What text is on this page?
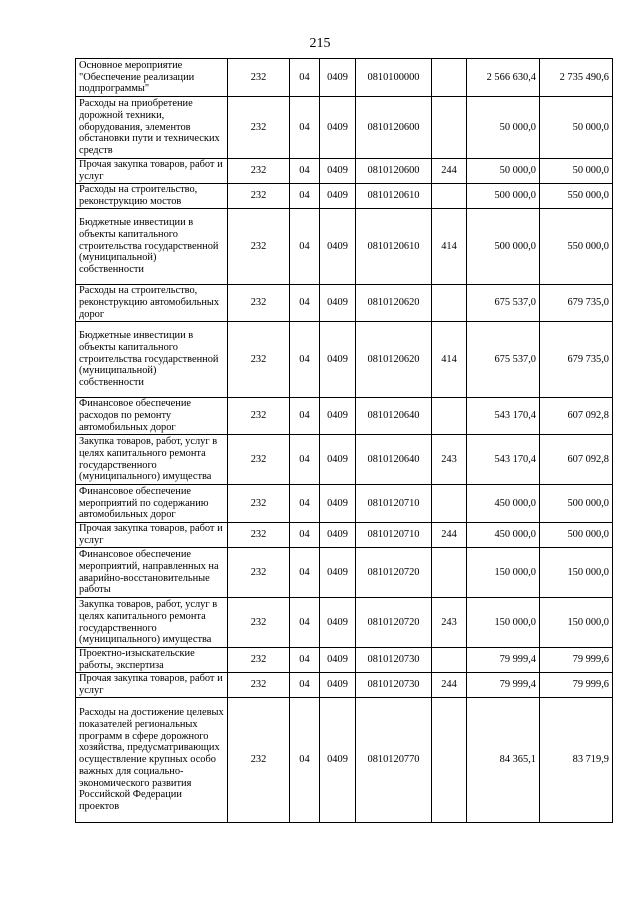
215
Основное мероприятие "Обеспечение реализации подпрограммы"	232	04	0409	0810100000		2 566 630,4	2 735 490,6
Расходы на приобретение дорожной техники, оборудования, элементов обстановки пути и технических средств	232	04	0409	0810120600		50 000,0	50 000,0
Прочая закупка товаров, работ и услуг	232	04	0409	0810120600	244	50 000,0	50 000,0
Расходы на строительство, реконструкцию мостов	232	04	0409	0810120610		500 000,0	550 000,0
Бюджетные инвестиции в объекты капитального строительства государственной (муниципальной) собственности	232	04	0409	0810120610	414	500 000,0	550 000,0
Расходы на строительство, реконструкцию автомобильных дорог	232	04	0409	0810120620		675 537,0	679 735,0
Бюджетные инвестиции в объекты капитального строительства государственной (муниципальной) собственности	232	04	0409	0810120620	414	675 537,0	679 735,0
Финансовое обеспечение расходов по ремонту автомобильных дорог	232	04	0409	0810120640		543 170,4	607 092,8
Закупка товаров, работ, услуг в целях капитального ремонта государственного (муниципального) имущества	232	04	0409	0810120640	243	543 170,4	607 092,8
Финансовое обеспечение мероприятий по содержанию автомобильных дорог	232	04	0409	0810120710		450 000,0	500 000,0
Прочая закупка товаров, работ и услуг	232	04	0409	0810120710	244	450 000,0	500 000,0
Финансовое обеспечение мероприятий, направленных на аварийно-восстановительные работы	232	04	0409	0810120720		150 000,0	150 000,0
Закупка товаров, работ, услуг в целях капитального ремонта государственного (муниципального) имущества	232	04	0409	0810120720	243	150 000,0	150 000,0
Проектно-изыскательские работы, экспертиза	232	04	0409	0810120730		79 999,4	79 999,6
Прочая закупка товаров, работ и услуг	232	04	0409	0810120730	244	79 999,4	79 999,6
Расходы на достижение целевых показателей региональных программ в сфере дорожного хозяйства, предусматривающих осуществление крупных особо важных для социально-экономического развития Российской Федерации проектов	232	04	0409	0810120770		84 365,1	83 719,9
